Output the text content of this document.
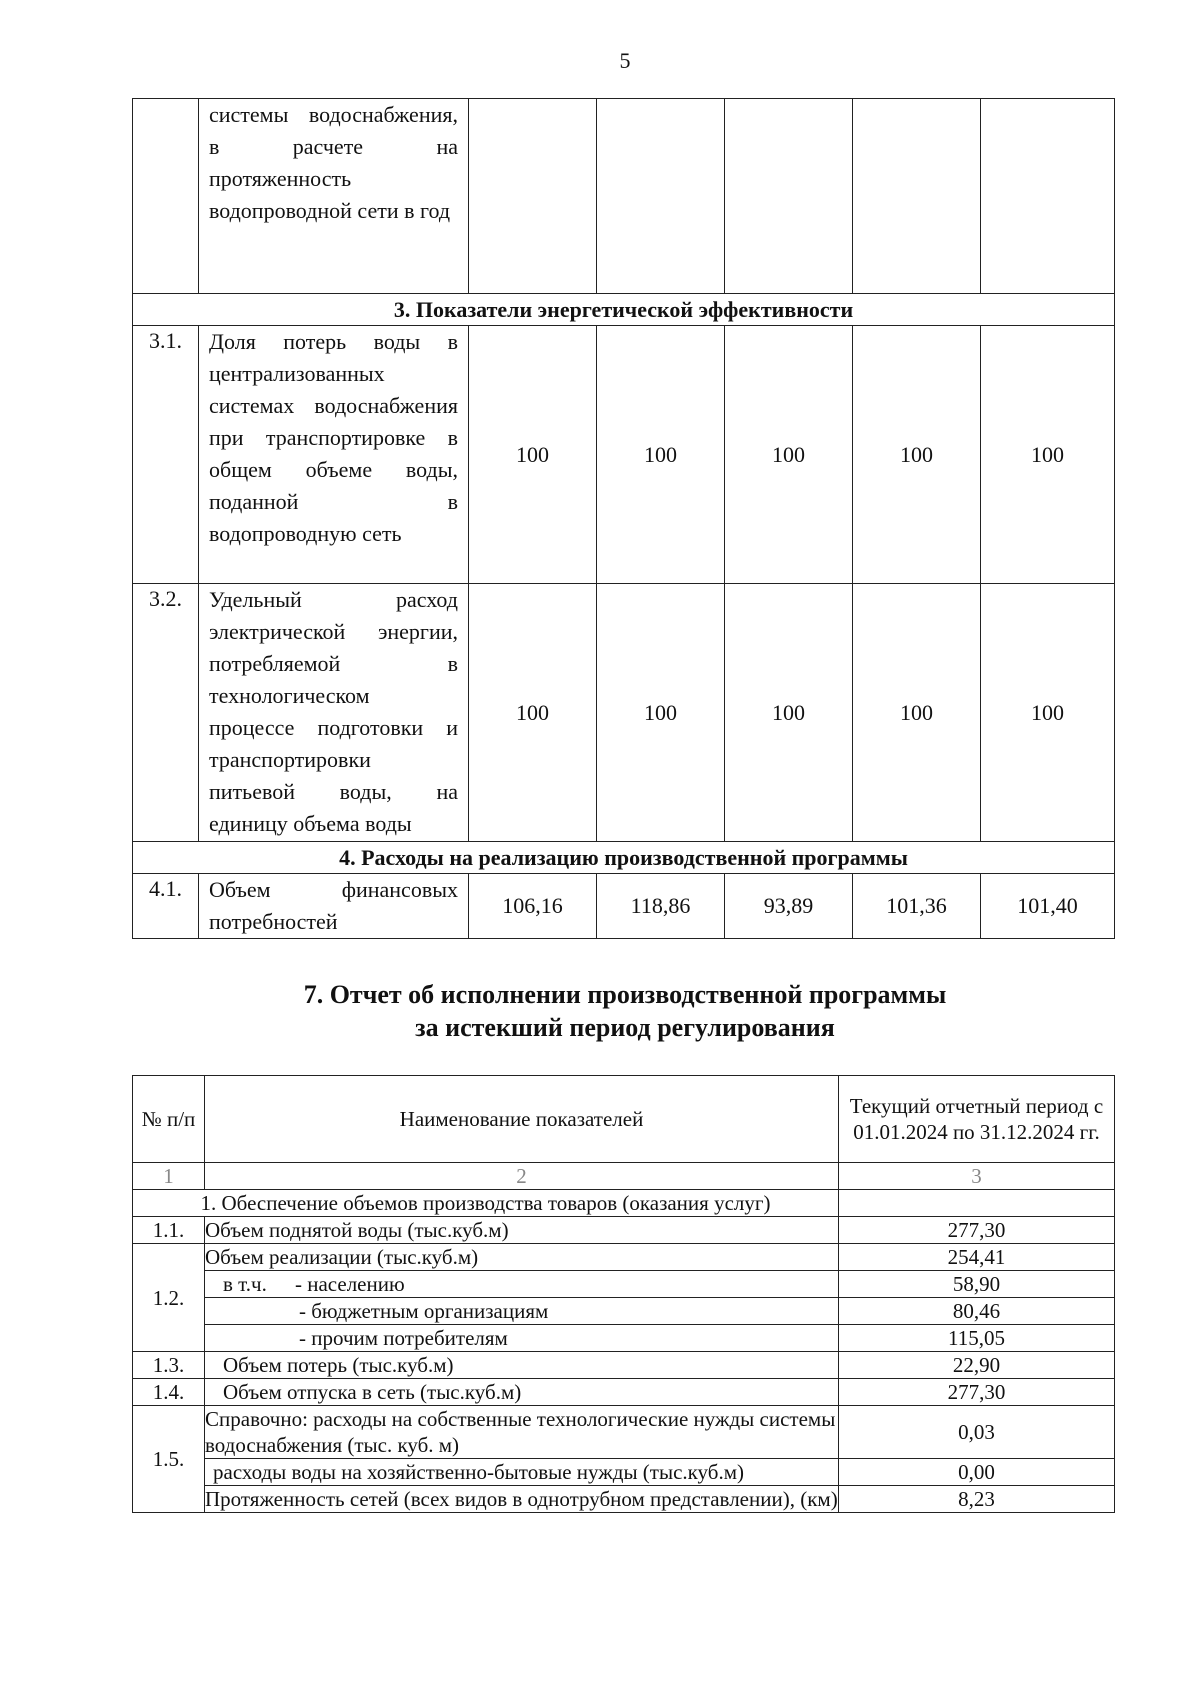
5
	системы водоснабжения, в расчете на протяженность водопроводной сети в год					
3. Показатели энергетической эффективности						
3.1.	Доля потерь воды в централизованных системах водоснабжения при транспортировке в общем объеме воды, поданной в водопроводную сеть	100	100	100	100	100
3.2.	Удельный расход электрической энергии, потребляемой в технологическом процессе подготовки и транспортировки питьевой воды, на единицу объема воды	100	100	100	100	100
4. Расходы на реализацию производственной программы						
4.1.	Объем финансовых потребностей	106,16	118,86	93,89	101,36	101,40
7. Отчет об исполнении производственной программы
за истекший период регулирования
№ п/п	Наименование показателей	Текущий отчетный период с 01.01.2024 по 31.12.2024 гг.
1	2	3
1. Обеспечение объемов производства товаров (оказания услуг)		
1.1.	Объем поднятой воды (тыс.куб.м)	277,30
1.2.	Объем реализации (тыс.куб.м)	254,41
	в т.ч. - населению	58,90
	- бюджетным организациям	80,46
	- прочим потребителям	115,05
1.3.	Объем потерь (тыс.куб.м)	22,90
1.4.	Объем отпуска в сеть (тыс.куб.м)	277,30
1.5.	Справочно: расходы на собственные технологические нужды системы водоснабжения (тыс. куб. м)	0,03
	расходы воды на хозяйственно-бытовые нужды (тыс.куб.м)	0,00
	Протяженность сетей (всех видов в однотрубном представлении), (км)	8,23
